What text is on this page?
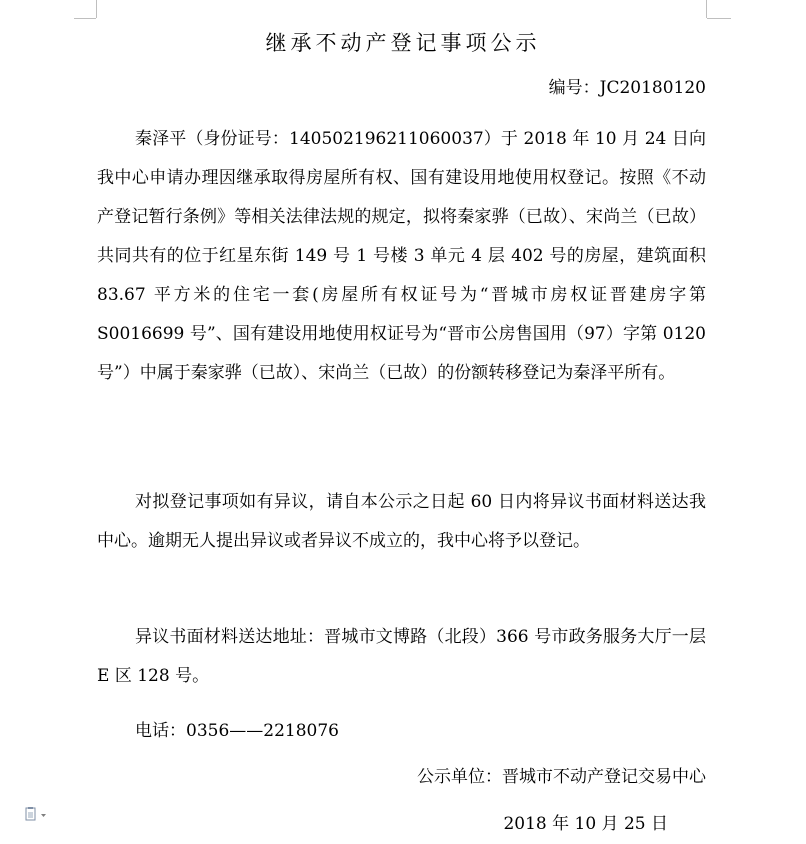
继承不动产登记事项公示
编号：JC20180120

秦泽平（身份证号：140502196211060037）于 2018 年 10 月 24 日向我中心申请办理因继承取得房屋所有权、国有建设用地使用权登记。按照《不动产登记暂行条例》等相关法律法规的规定，拟将秦家骅（已故）、宋尚兰（已故）共同共有的位于红星东街 149 号 1 号楼 3 单元 4 层 402 号的房屋，建筑面积 83.67 平方米的住宅一套(房屋所有权证号为“晋城市房权证晋建房字第 S0016699 号”、国有建设用地使用权证号为“晋市公房售国用（97）字第 0120 号”）中属于秦家骅（已故）、宋尚兰（已故）的份额转移登记为秦泽平所有。

对拟登记事项如有异议，请自本公示之日起 60 日内将异议书面材料送达我中心。逾期无人提出异议或者异议不成立的，我中心将予以登记。

异议书面材料送达地址：晋城市文博路（北段）366 号市政务服务大厅一层 E 区 128 号。

电话：0356——2218076
公示单位：晋城市不动产登记交易中心
2018 年 10 月 25 日
